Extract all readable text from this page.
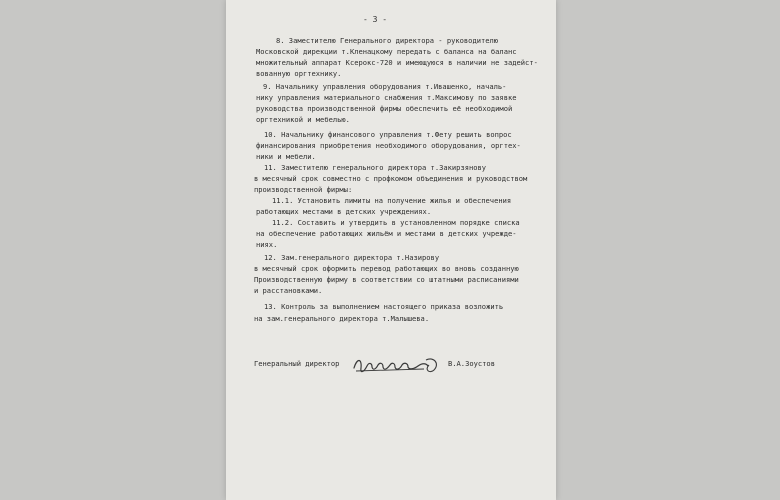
- 3 -
8. Заместителю Генерального директора - руководителю
Московской дирекции т.Кленацкому передать с баланса на баланс
множительный аппарат Ксерокс-720 и имеющуюся в наличии не задейст-
вованную оргтехнику.
9. Начальнику управления оборудования т.Ивашенко, началь-
нику управления материального снабжения т.Максимову по заявке
руководства производственной фирмы обеспечить её необходимой
оргтехникой и мебелью.
10. Начальнику финансового управления т.Фету решить вопрос
финансирования приобретения необходимого оборудования, оргтех-
ники и мебели.
11. Заместителю генерального директора т.Закирзянову
в месячный срок совместно с профкомом объединения и руководством
производственной фирмы:
11.1. Установить лимиты на получение жилья и обеспечения
работающих местами в детских учреждениях.
11.2. Составить и утвердить в установленном порядке списка
на обеспечение работающих жильём и местами в детских учрежде-
ниях.
12. Зам.генерального директора т.Назирову
в месячный срок оформить перевод работающих во вновь созданную
Производственную фирму в соответствии со штатными расписаниями
и расстановками.
13. Контроль за выполнением настоящего приказа возложить
на зам.генерального директора т.Малышева.
Генеральный директор	В.А.Зоустов
